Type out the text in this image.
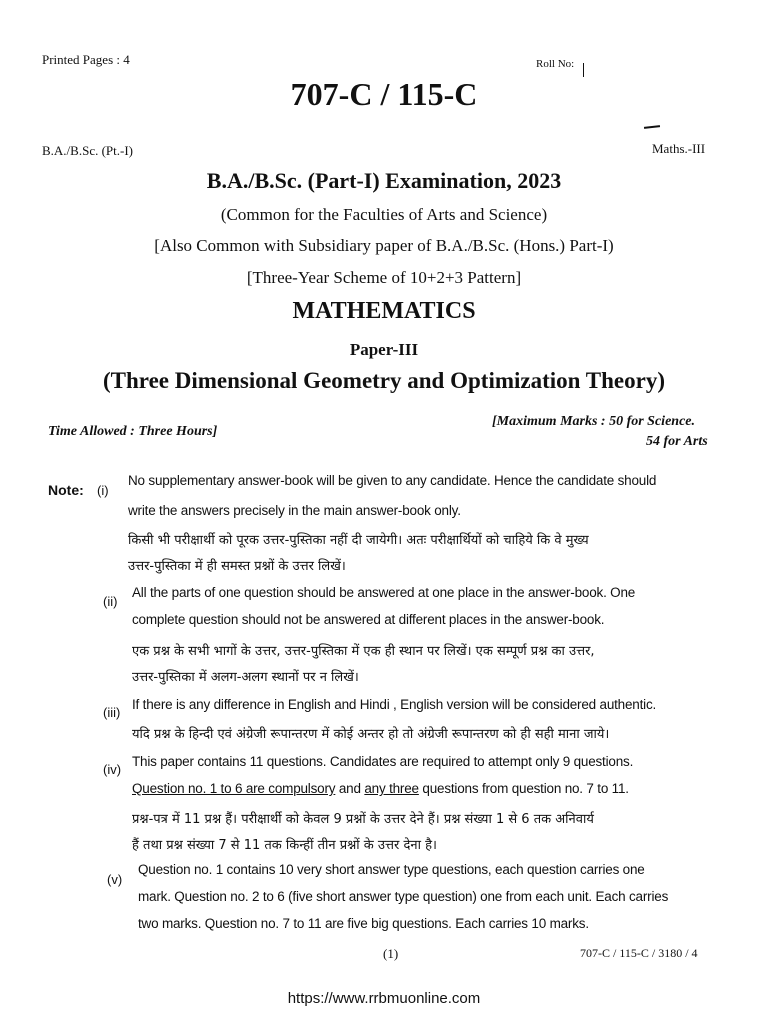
Printed Pages : 4	Roll No:
707-C / 115-C
B.A./B.Sc. (Pt.-I)	Maths.-III
B.A./B.Sc. (Part-I) Examination, 2023
(Common for the Faculties of Arts and Science)
[Also Common with Subsidiary paper of B.A./B.Sc. (Hons.) Part-I)
[Three-Year Scheme of 10+2+3 Pattern]
MATHEMATICS
Paper-III
(Three Dimensional Geometry and Optimization Theory)
Time Allowed : Three Hours]
[Maximum Marks : 50 for Science.
54 for Arts
Note: (i)
No supplementary answer-book will be given to any candidate. Hence the candidate should
write the answers precisely in the main answer-book only.
किसी भी परीक्षार्थी को पूरक उत्तर-पुस्तिका नहीं दी जायेगी। अतः परीक्षार्थियों को चाहिये कि वे मुख्य
उत्तर-पुस्तिका में ही समस्त प्रश्नों के उत्तर लिखें।
(ii)
All the parts of one question should be answered at one place in the answer-book. One
complete question should not be answered at different places in the answer-book.
एक प्रश्न के सभी भागों के उत्तर, उत्तर-पुस्तिका में एक ही स्थान पर लिखें। एक सम्पूर्ण प्रश्न का उत्तर,
उत्तर-पुस्तिका में अलग-अलग स्थानों पर न लिखें।
(iii)
If there is any difference in English and Hindi , English version will be considered authentic.
यदि प्रश्न के हिन्दी एवं अंग्रेजी रूपान्तरण में कोई अन्तर हो तो अंग्रेजी रूपान्तरण को ही सही माना जाये।
(iv)
This paper contains 11 questions. Candidates are required to attempt only 9 questions.
Question no. 1 to 6 are compulsory and any three questions from question no. 7 to 11.
प्रश्न-पत्र में 11 प्रश्न हैं। परीक्षार्थी को केवल 9 प्रश्नों के उत्तर देने हैं। प्रश्न संख्या 1 से 6 तक अनिवार्य
हैं तथा प्रश्न संख्या 7 से 11 तक किन्हीं तीन प्रश्नों के उत्तर देना है।
(v)
Question no. 1 contains 10 very short answer type questions, each question carries one
mark. Question no. 2 to 6 (five short answer type question) one from each unit. Each carries
two marks. Question no. 7 to 11 are five big questions. Each carries 10 marks.
(1)	707-C / 115-C / 3180 / 4
https://www.rrbmuonline.com
